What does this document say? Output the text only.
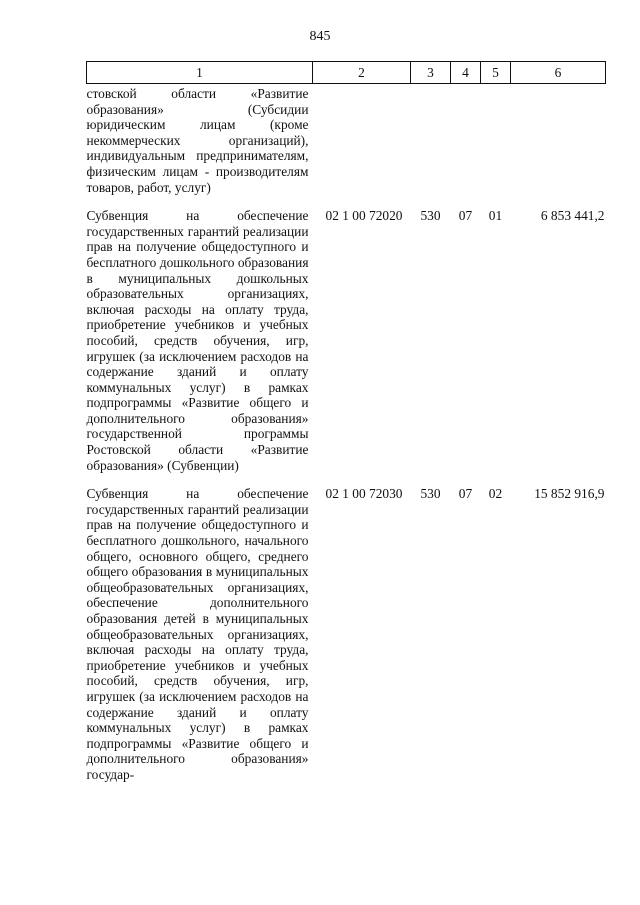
845
1	2	3	4	5	6
стовской области «Развитие образования» (Субсидии юридическим лицам (кроме некоммерческих организаций), индивидуальным предпринимателям, физическим лицам - производителям товаров, работ, услуг)					
Субвенция на обеспечение государственных гарантий реализации прав на получение общедоступного и бесплатного дошкольного образования в муниципальных дошкольных образовательных организациях, включая расходы на оплату труда, приобретение учебников и учебных пособий, средств обучения, игр, игрушек (за исключением расходов на содержание зданий и оплату коммунальных услуг) в рамках подпрограммы «Развитие общего и дополнительного образования» государственной программы Ростовской области «Развитие образования» (Субвенции)	02 1 00 72020	530	07	01	6 853 441,2
Субвенция на обеспечение государственных гарантий реализации прав на получение общедоступного и бесплатного дошкольного, начального общего, основного общего, среднего общего образования в муниципальных общеобразовательных организациях, обеспечение дополнительного образования детей в муниципальных общеобразовательных организациях, включая расходы на оплату труда, приобретение учебников и учебных пособий, средств обучения, игр, игрушек (за исключением расходов на содержание зданий и оплату коммунальных услуг) в рамках подпрограммы «Развитие общего и дополнительного образования» государ-	02 1 00 72030	530	07	02	15 852 916,9
